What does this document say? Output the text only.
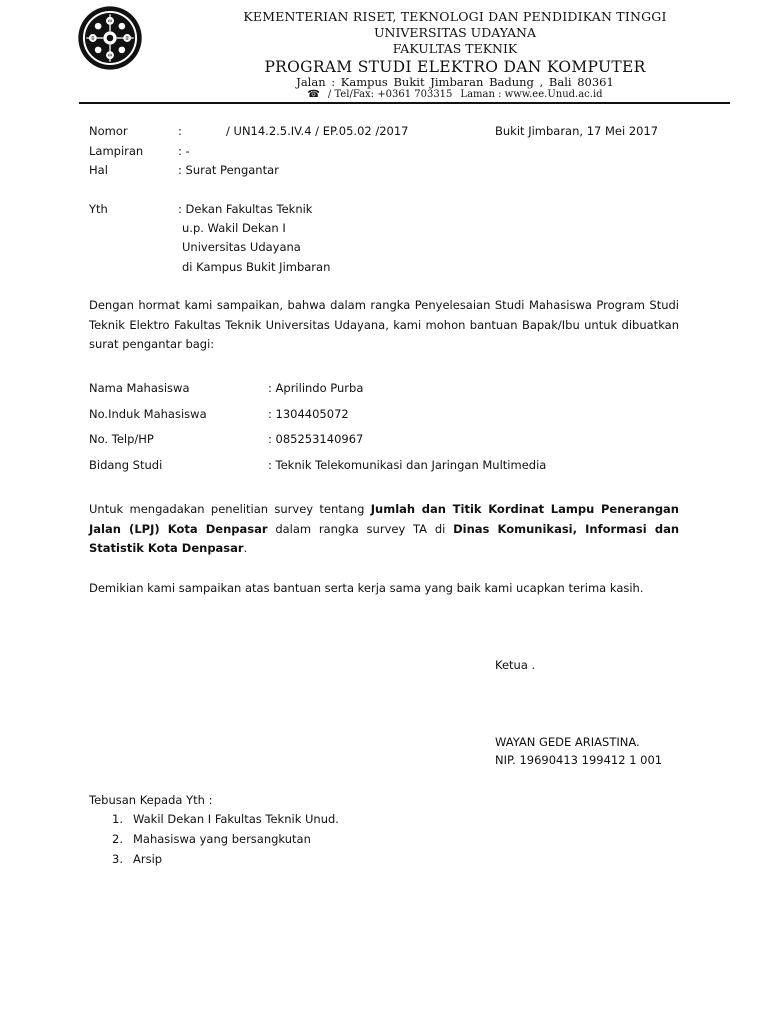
KEMENTERIAN RISET, TEKNOLOGI DAN PENDIDIKAN TINGGI
UNIVERSITAS UDAYANA
FAKULTAS TEKNIK
PROGRAM STUDI ELEKTRO DAN KOMPUTER
Jalan : Kampus Bukit Jimbaran Badung , Bali 80361
☎ / Tel/Fax: +0361 703315 Laman : www.ee.Unud.ac.id
Nomor	:	/ UN14.2.5.IV.4 / EP.05.02 /2017	Bukit Jimbaran, 17 Mei 2017
Lampiran	: -
Hal	: Surat Pengantar
Yth	: Dekan Fakultas Teknik
u.p. Wakil Dekan I
Universitas Udayana
di Kampus Bukit Jimbaran
Dengan hormat kami sampaikan, bahwa dalam rangka Penyelesaian Studi Mahasiswa Program Studi Teknik Elektro Fakultas Teknik Universitas Udayana, kami mohon bantuan Bapak/Ibu untuk dibuatkan surat pengantar bagi:
Nama Mahasiswa	: Aprilindo Purba
No.Induk Mahasiswa	: 1304405072
No. Telp/HP	: 085253140967
Bidang Studi	: Teknik Telekomunikasi dan Jaringan Multimedia
Untuk mengadakan penelitian survey tentang Jumlah dan Titik Kordinat Lampu Penerangan Jalan (LPJ) Kota Denpasar dalam rangka survey TA di Dinas Komunikasi, Informasi dan Statistik Kota Denpasar.
Demikian kami sampaikan atas bantuan serta kerja sama yang baik kami ucapkan terima kasih.
Ketua .
WAYAN GEDE ARIASTINA.
NIP. 19690413 199412 1 001
Tebusan Kepada Yth :
1. Wakil Dekan I Fakultas Teknik Unud.
2. Mahasiswa yang bersangkutan
3. Arsip
